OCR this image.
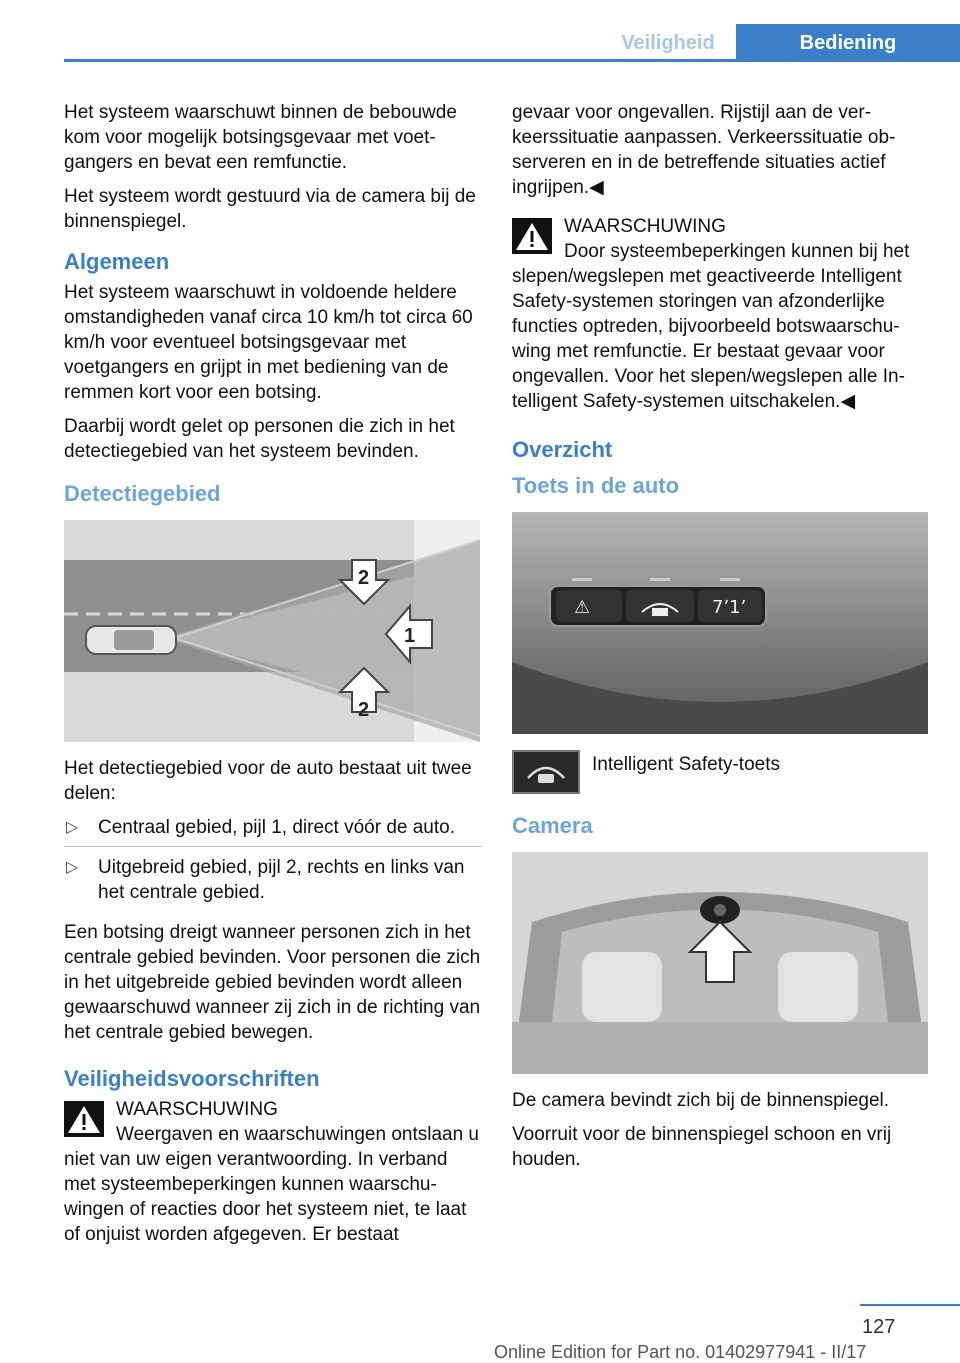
Veiligheid	Bediening

Het systeem waarschuwt binnen de bebouwde kom voor mogelijk botsingsgevaar met voetgangers en bevat een remfunctie.

Het systeem wordt gestuurd via de camera bij de binnenspiegel.

Algemeen

Het systeem waarschuwt in voldoende heldere omstandigheden vanaf circa 10 km/h tot circa 60 km/h voor eventueel botsingsgevaar met voetgangers en grijpt in met bediening van de remmen kort voor een botsing.

Daarbij wordt gelet op personen die zich in het detectiegebied van het systeem bevinden.

Detectiegebied
1
2
2

Het detectiegebied voor de auto bestaat uit twee delen:

▷ Centraal gebied, pijl 1, direct vóór de auto.
▷ Uitgebreid gebied, pijl 2, rechts en links van het centrale gebied.

Een botsing dreigt wanneer personen zich in het centrale gebied bevinden. Voor personen die zich in het uitgebreide gebied bevinden wordt alleen gewaarschuwd wanneer zij zich in de richting van het centrale gebied bewegen.

Veiligheidsvoorschriften
WAARSCHUWING
Weergaven en waarschuwingen ontslaan u niet van uw eigen verantwoording. In verband met systeembeperkingen kunnen waarschuwingen of reacties door het systeem niet, te laat of onjuist worden afgegeven. Er bestaat

gevaar voor ongevallen. Rijstijl aan de verkeerssituatie aanpassen. Verkeerssituatie observeren en in de betreffende situaties actief ingrijpen.◀

WAARSCHUWING
Door systeembeperkingen kunnen bij het slepen/wegslepen met geactiveerde Intelligent Safety-systemen storingen van afzonderlijke functies optreden, bijvoorbeeld botswaarschuwing met remfunctie. Er bestaat gevaar voor ongevallen. Voor het slepen/wegslepen alle Intelligent Safety-systemen uitschakelen.◀
Overzicht
Toets in de auto
⚠	7ʼ1ʼ
Intelligent Safety-toets
Camera

De camera bevindt zich bij de binnenspiegel.

Voorruit voor de binnenspiegel schoon en vrij houden.

127
Online Edition for Part no. 01402977941 - II/17
